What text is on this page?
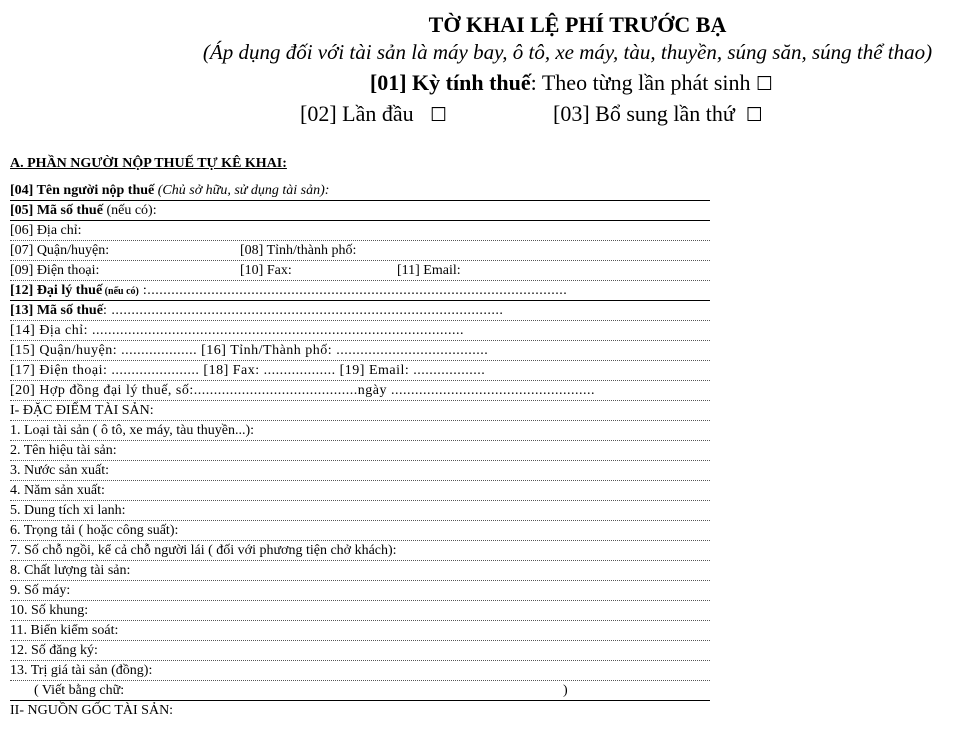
TỜ KHAI LỆ PHÍ TRƯỚC BẠ
(Áp dụng đối với tài sản là máy bay, ô tô, xe máy, tàu, thuyền, súng săn, súng thể thao)
[01] Kỳ tính thuế: Theo từng lần phát sinh ☐
[02] Lần đầu ☐	[03] Bổ sung lần thứ ☐
A. PHẦN NGƯỜI NỘP THUẾ TỰ KÊ KHAI:
[04] Tên người nộp thuế (Chủ sở hữu, sử dụng tài sản):
[05] Mã số thuế (nếu có):
[06] Địa chỉ:
[07] Quận/huyện:	[08] Tỉnh/thành phố:
[09] Điện thoại:	[10] Fax:	[11] Email:
[12] Đại lý thuế (nếu có) :.........................................................................................................
[13] Mã số thuế: ..................................................................................................
[14] Địa chỉ: .............................................................................................
[15] Quận/huyện: ................... [16] Tỉnh/Thành phố: ......................................
[17] Điện thoại: ...................... [18] Fax: .................. [19] Email: ..................
[20] Hợp đồng đại lý thuế, số:.........................................ngày ...................................................
I- ĐẶC ĐIỂM TÀI SẢN:
1. Loại tài sản ( ô tô, xe máy, tàu thuyền...):
2. Tên hiệu tài sản:
3. Nước sản xuất:
4. Năm sản xuất:
5. Dung tích xi lanh:
6. Trọng tải ( hoặc công suất):
7. Số chỗ ngồi, kể cả chỗ người lái ( đối với phương tiện chở khách):
8. Chất lượng tài sản:
9. Số máy:
10. Số khung:
11. Biển kiểm soát:
12. Số đăng ký:
13. Trị giá tài sản (đồng):
( Viết bằng chữ:	)
II- NGUỒN GỐC TÀI SẢN:
